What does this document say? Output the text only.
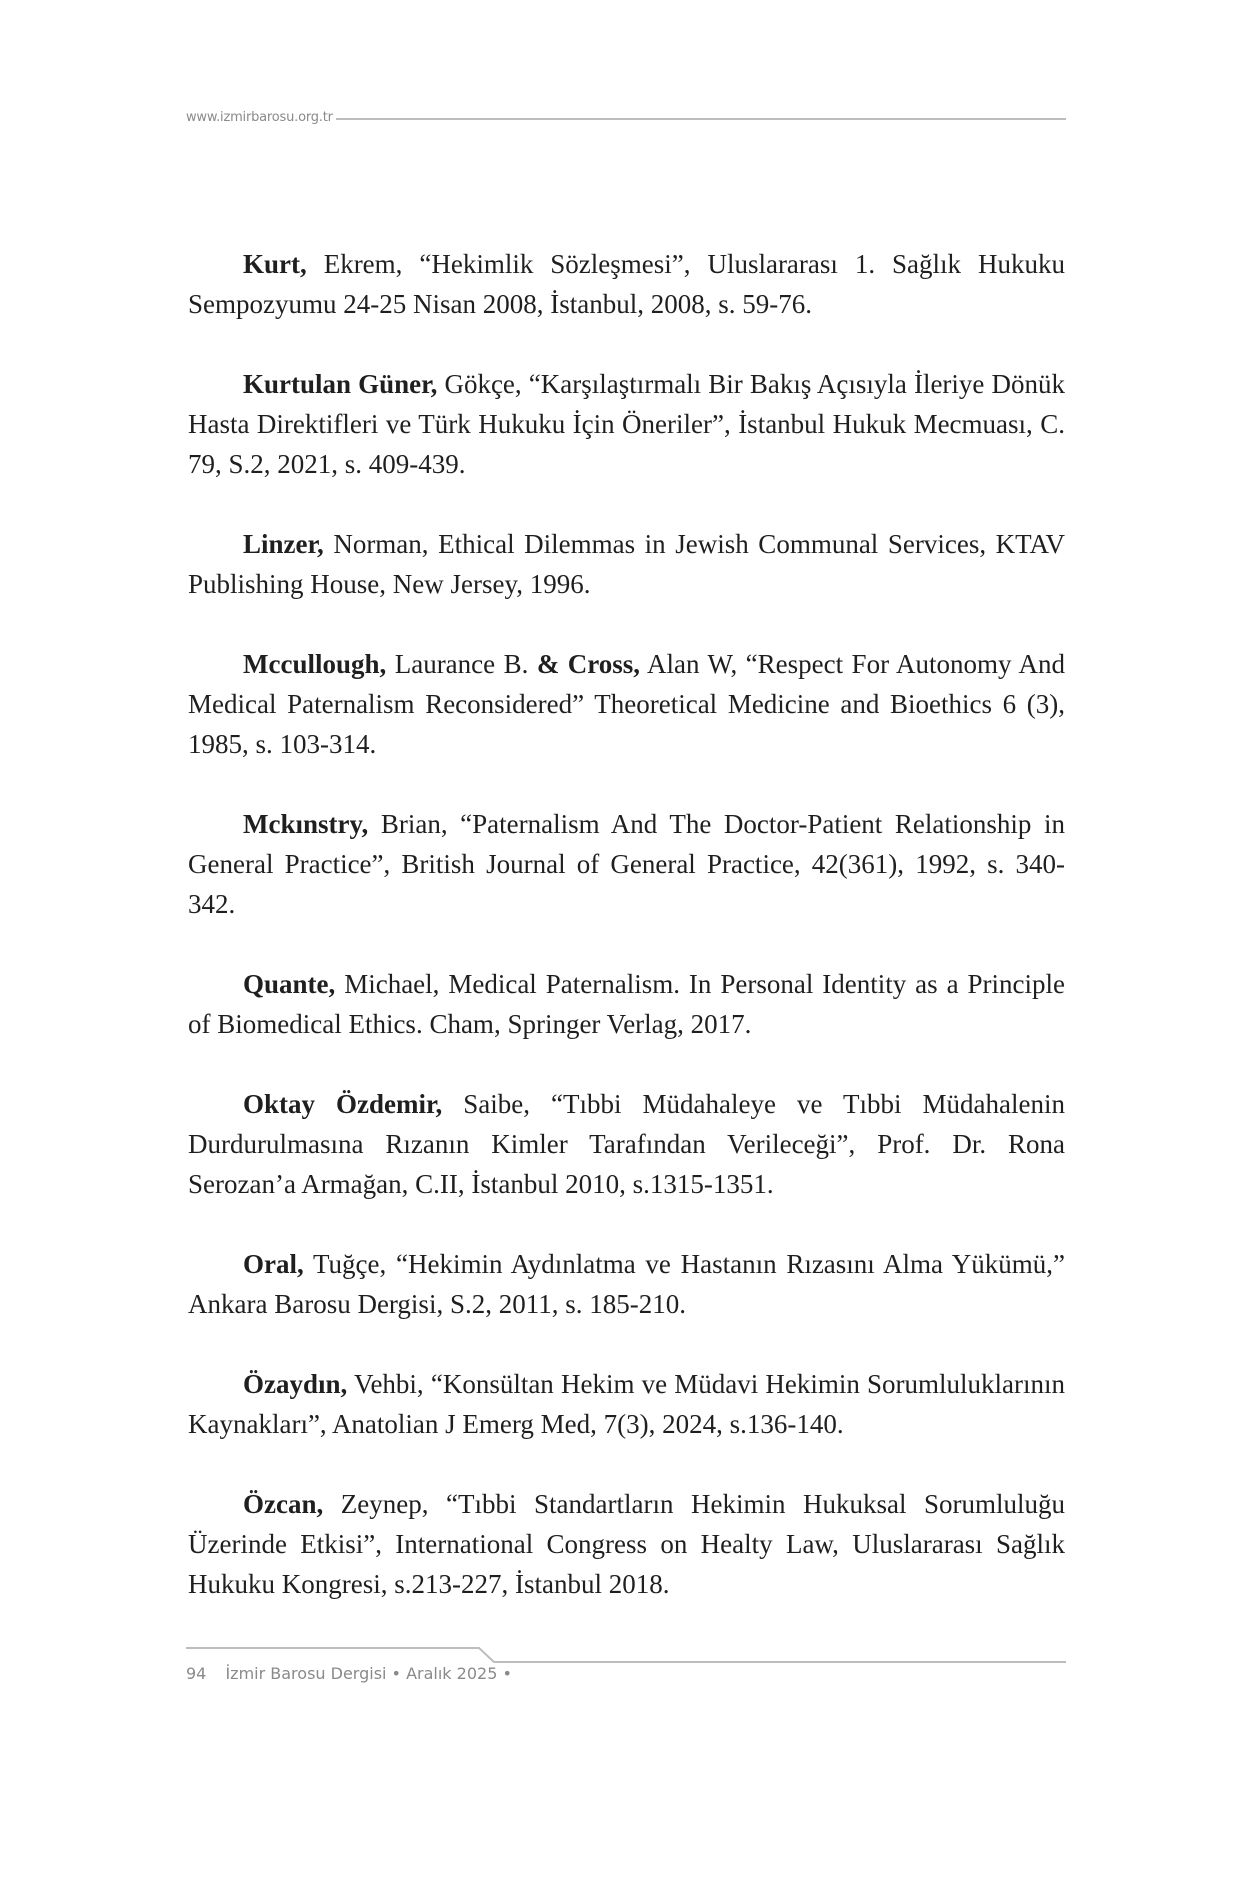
www.izmirbarosu.org.tr

Kurt, Ekrem, “Hekimlik Sözleşmesi”, Uluslararası 1. Sağlık Hukuku Sempozyumu 24-25 Nisan 2008, İstanbul, 2008, s. 59-76.

Kurtulan Güner, Gökçe, “Karşılaştırmalı Bir Bakış Açısıyla İleriye Dönük Hasta Direktifleri ve Türk Hukuku İçin Öneriler”, İstanbul Hukuk Mecmuası, C. 79, S.2, 2021, s. 409-439.

Linzer, Norman, Ethical Dilemmas in Jewish Communal Services, KTAV Publishing House, New Jersey, 1996.

Mccullough, Laurance B. & Cross, Alan W, “Respect For Autonomy And Medical Paternalism Reconsidered” Theoretical Medicine and Bioethics 6 (3), 1985, s. 103-314.

Mckınstry, Brian, “Paternalism And The Doctor-Patient Relationship in General Practice”, British Journal of General Practice, 42(361), 1992, s. 340-342.

Quante, Michael, Medical Paternalism. In Personal Identity as a Principle of Biomedical Ethics. Cham, Springer Verlag, 2017.

Oktay Özdemir, Saibe, “Tıbbi Müdahaleye ve Tıbbi Müdahalenin Durdurulmasına Rızanın Kimler Tarafından Verileceği”, Prof. Dr. Rona Serozan’a Armağan, C.II, İstanbul 2010, s.1315-1351.

Oral, Tuğçe, “Hekimin Aydınlatma ve Hastanın Rızasını Alma Yükümü,” Ankara Barosu Dergisi, S.2, 2011, s. 185-210.

Özaydın, Vehbi, “Konsültan Hekim ve Müdavi Hekimin Sorumluluklarının Kaynakları”, Anatolian J Emerg Med, 7(3), 2024, s.136-140.

Özcan, Zeynep, “Tıbbi Standartların Hekimin Hukuksal Sorumluluğu Üzerinde Etkisi”, International Congress on Healty Law, Uluslararası Sağlık Hukuku Kongresi, s.213-227, İstanbul 2018.

94 İzmir Barosu Dergisi • Aralık 2025 •
